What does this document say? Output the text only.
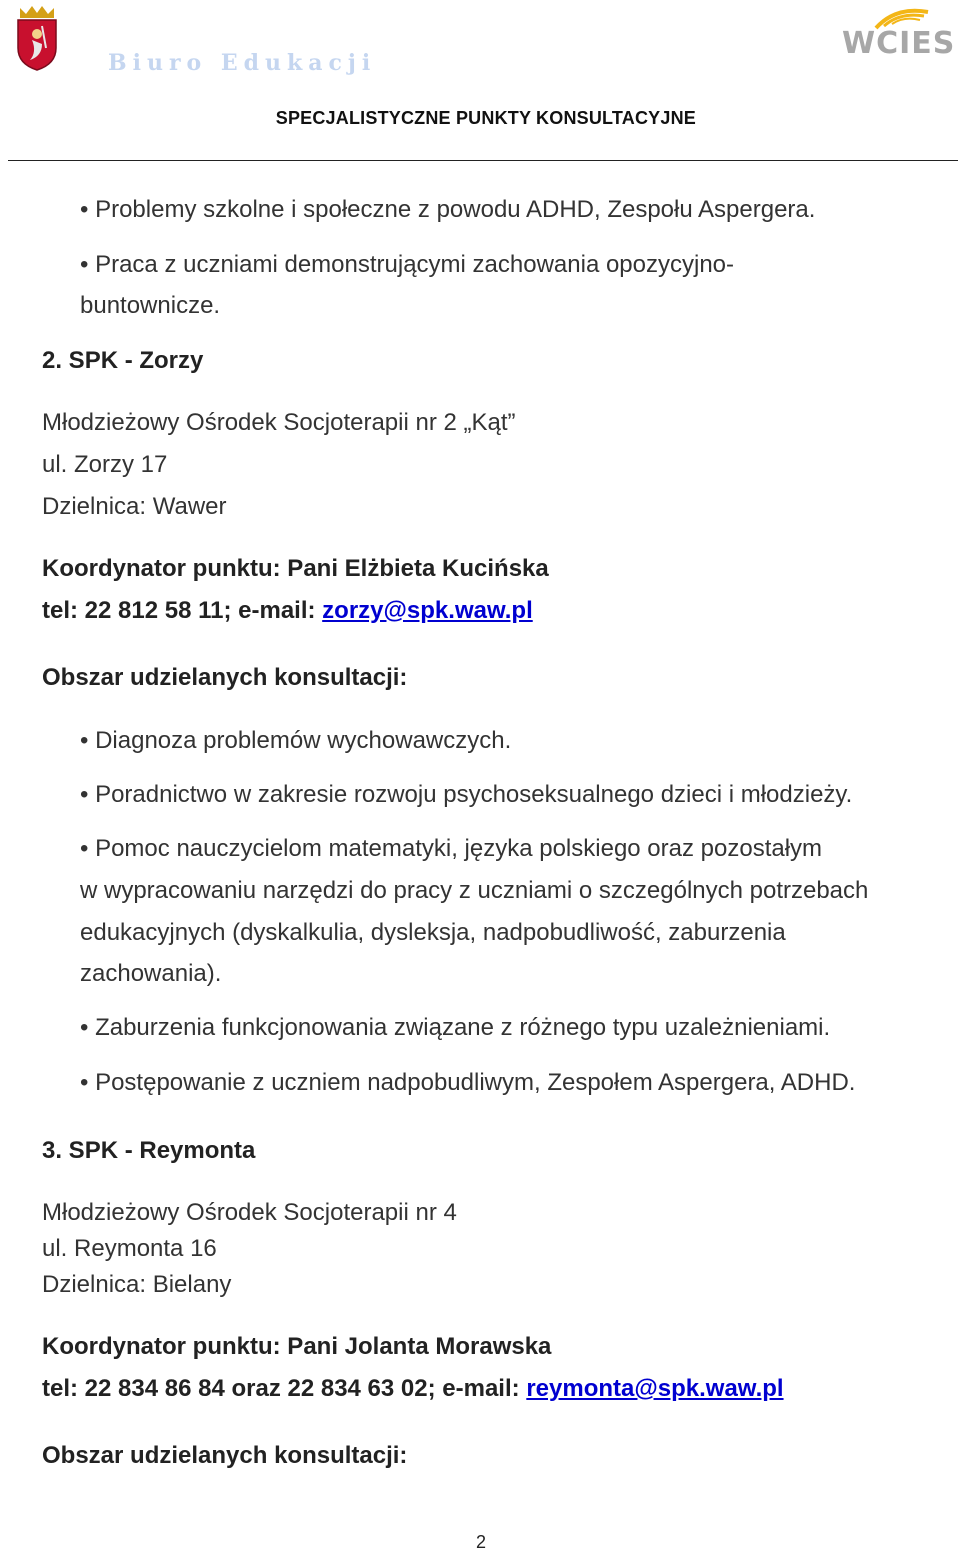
Biuro Edukacji
WCIES
SPECJALISTYCZNE PUNKTY KONSULTACYJNE
• Problemy szkolne i społeczne z powodu ADHD, Zespołu Aspergera.
• Praca z uczniami demonstrującymi zachowania opozycyjno-
buntownicze.
2. SPK - Zorzy
Młodzieżowy Ośrodek Socjoterapii nr 2 „Kąt”
ul. Zorzy 17
Dzielnica: Wawer
Koordynator punktu: Pani Elżbieta Kucińska
tel: 22 812 58 11; e-mail: zorzy@spk.waw.pl
Obszar udzielanych konsultacji:
• Diagnoza problemów wychowawczych.
• Poradnictwo w zakresie rozwoju psychoseksualnego dzieci i młodzieży.
• Pomoc nauczycielom matematyki, języka polskiego oraz pozostałym
w wypracowaniu narzędzi do pracy z uczniami o szczególnych potrzebach
edukacyjnych (dyskalkulia, dysleksja, nadpobudliwość, zaburzenia
zachowania).
• Zaburzenia funkcjonowania związane z różnego typu uzależnieniami.
• Postępowanie z uczniem nadpobudliwym, Zespołem Aspergera, ADHD.
3. SPK - Reymonta
Młodzieżowy Ośrodek Socjoterapii nr 4
ul. Reymonta 16
Dzielnica: Bielany
Koordynator punktu: Pani Jolanta Morawska
tel: 22 834 86 84 oraz 22 834 63 02; e-mail: reymonta@spk.waw.pl
Obszar udzielanych konsultacji:
2
